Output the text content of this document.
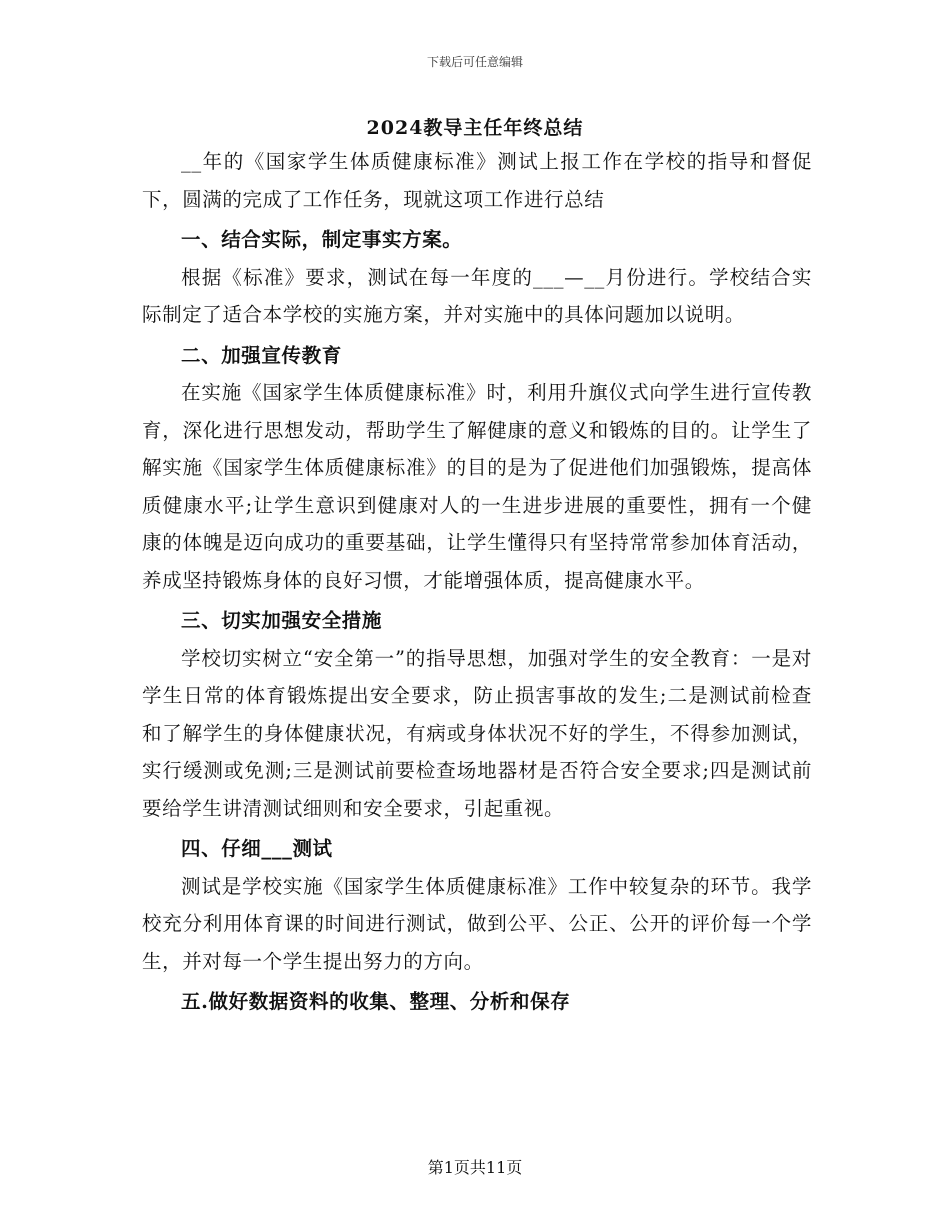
下载后可任意编辑
2024教导主任年终总结

__年的《国家学生体质健康标准》测试上报工作在学校的指导和督促下，圆满的完成了工作任务，现就这项工作进行总结

一、结合实际，制定事实方案。

根据《标准》要求，测试在每一年度的___—__月份进行。学校结合实际制定了适合本学校的实施方案，并对实施中的具体问题加以说明。

二、加强宣传教育

在实施《国家学生体质健康标准》时，利用升旗仪式向学生进行宣传教育，深化进行思想发动，帮助学生了解健康的意义和锻炼的目的。让学生了解实施《国家学生体质健康标准》的目的是为了促进他们加强锻炼，提高体质健康水平;让学生意识到健康对人的一生进步进展的重要性，拥有一个健康的体魄是迈向成功的重要基础，让学生懂得只有坚持常常参加体育活动，养成坚持锻炼身体的良好习惯，才能增强体质，提高健康水平。

三、切实加强安全措施

学校切实树立“安全第一”的指导思想，加强对学生的安全教育：一是对学生日常的体育锻炼提出安全要求，防止损害事故的发生;二是测试前检查和了解学生的身体健康状况，有病或身体状况不好的学生，不得参加测试，实行缓测或免测;三是测试前要检查场地器材是否符合安全要求;四是测试前要给学生讲清测试细则和安全要求，引起重视。

四、仔细___测试

测试是学校实施《国家学生体质健康标准》工作中较复杂的环节。我学校充分利用体育课的时间进行测试，做到公平、公正、公开的评价每一个学生，并对每一个学生提出努力的方向。

五.做好数据资料的收集、整理、分析和保存

第1页共11页
